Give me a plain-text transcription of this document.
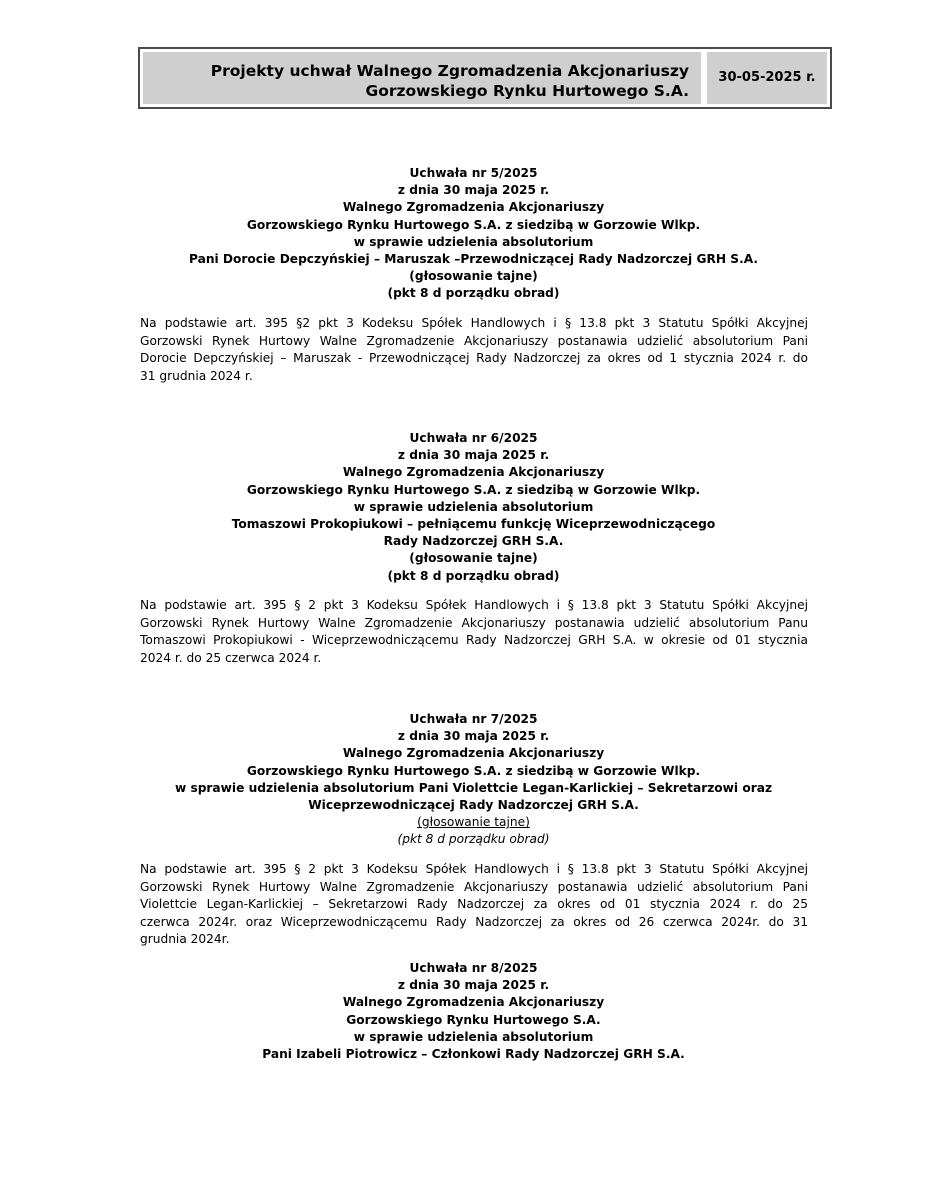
Projekty uchwał Walnego Zgromadzenia Akcjonariuszy
Gorzowskiego Rynku Hurtowego S.A.
30-05-2025 r.
Uchwała nr 5/2025
z dnia 30 maja 2025 r.
Walnego Zgromadzenia Akcjonariuszy
Gorzowskiego Rynku Hurtowego S.A. z siedzibą w Gorzowie Wlkp.
w sprawie udzielenia absolutorium
Pani Dorocie Depczyńskiej – Maruszak –Przewodniczącej Rady Nadzorczej GRH S.A.
(głosowanie tajne)
(pkt 8 d porządku obrad)
Na podstawie art. 395 §2 pkt 3 Kodeksu Spółek Handlowych i § 13.8 pkt 3 Statutu Spółki Akcyjnej
Gorzowski Rynek Hurtowy Walne Zgromadzenie Akcjonariuszy postanawia udzielić absolutorium Pani
Dorocie Depczyńskiej – Maruszak - Przewodniczącej Rady Nadzorczej za okres od 1 stycznia 2024 r. do
31 grudnia 2024 r.
Uchwała nr 6/2025
z dnia 30 maja 2025 r.
Walnego Zgromadzenia Akcjonariuszy
Gorzowskiego Rynku Hurtowego S.A. z siedzibą w Gorzowie Wlkp.
w sprawie udzielenia absolutorium
Tomaszowi Prokopiukowi – pełniącemu funkcję Wiceprzewodniczącego
Rady Nadzorczej GRH S.A.
(głosowanie tajne)
(pkt 8 d porządku obrad)
Na podstawie art. 395 § 2 pkt 3 Kodeksu Spółek Handlowych i § 13.8 pkt 3 Statutu Spółki Akcyjnej
Gorzowski Rynek Hurtowy Walne Zgromadzenie Akcjonariuszy postanawia udzielić absolutorium Panu
Tomaszowi Prokopiukowi - Wiceprzewodniczącemu Rady Nadzorczej GRH S.A. w okresie od 01 stycznia
2024 r. do 25 czerwca 2024 r.
Uchwała nr 7/2025
z dnia 30 maja 2025 r.
Walnego Zgromadzenia Akcjonariuszy
Gorzowskiego Rynku Hurtowego S.A. z siedzibą w Gorzowie Wlkp.
w sprawie udzielenia absolutorium Pani Violettcie Legan-Karlickiej – Sekretarzowi oraz
Wiceprzewodniczącej Rady Nadzorczej GRH S.A.
(głosowanie tajne)
(pkt 8 d porządku obrad)
Na podstawie art. 395 § 2 pkt 3 Kodeksu Spółek Handlowych i § 13.8 pkt 3 Statutu Spółki Akcyjnej
Gorzowski Rynek Hurtowy Walne Zgromadzenie Akcjonariuszy postanawia udzielić absolutorium Pani
Violettcie Legan-Karlickiej – Sekretarzowi Rady Nadzorczej za okres od 01 stycznia 2024 r. do 25
czerwca 2024r. oraz Wiceprzewodniczącemu Rady Nadzorczej za okres od 26 czerwca 2024r. do 31
grudnia 2024r.
Uchwała nr 8/2025
z dnia 30 maja 2025 r.
Walnego Zgromadzenia Akcjonariuszy
Gorzowskiego Rynku Hurtowego S.A.
w sprawie udzielenia absolutorium
Pani Izabeli Piotrowicz – Członkowi Rady Nadzorczej GRH S.A.
